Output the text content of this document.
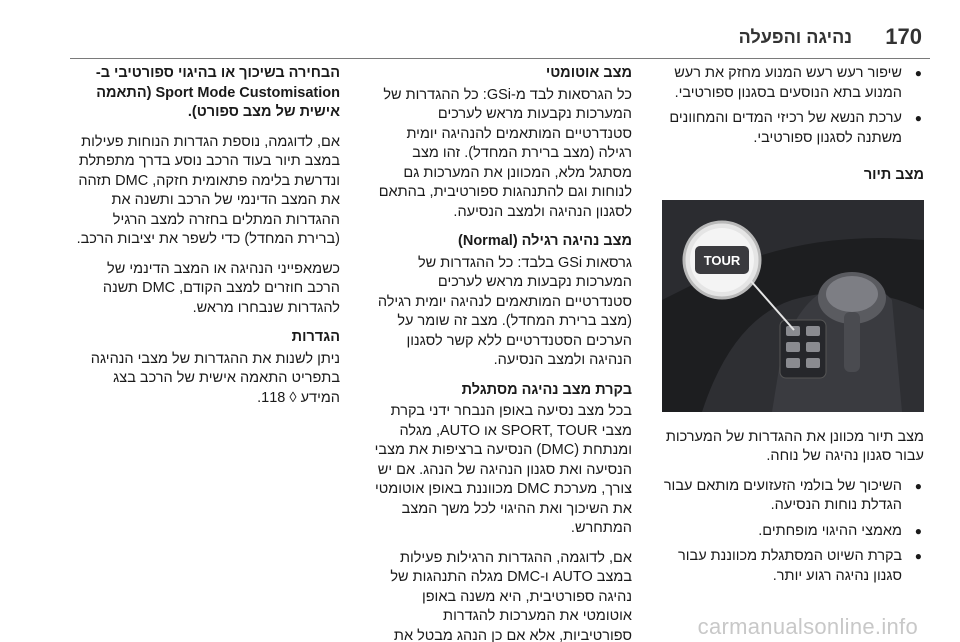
170
נהיגה והפעלה
● שיפור רעש רעש המנוע מחזק את רעש המנוע בתא הנוסעים בסגנון ספורטיבי.
● ערכת הנשא של רכיזי המדים והמחוונים משתנה לסגנון ספורטיבי.
מצב תיור
TOUR
מצב תיור מכוונן את ההגדרות של המערכות עבור סגנון נהיגה של נוחה.
● השיכוך של בולמי הזעזועים מותאם עבור הגדלת נוחות הנסיעה.
● מאמצי ההיגוי מופחתים.
● בקרת השיוט המסתגלת מכווננת עבור סגנון נהיגה רגוע יותר.
מצב אוטומטי
כל הגרסאות לבד מ-GSi: כל ההגדרות של המערכות נקבעות מראש לערכים סטנדרטיים המותאמים להנהיגה יומית רגילה (מצב ברירת המחדל). זהו מצב מסתגל מלא, המכוונן את המערכות גם לנוחות וגם להתנהגות ספורטיבית, בהתאם לסגנון הנהיגה ולמצב הנסיעה.
מצב נהיגה רגילה (Normal)
גרסאות GSi בלבד: כל ההגדרות של המערכות נקבעות מראש לערכים סטנדרטיים המותאמים לנהיגה יומית רגילה (מצב ברירת המחדל). מצב זה שומר על הערכים הסטנדרטיים ללא קשר לסגנון הנהיגה ולמצב הנסיעה.
בקרת מצב נהיגה מסתגלת
בכל מצב נסיעה באופן הנבחר ידני בקרת מצבי SPORT, TOUR או AUTO, מגלה ומנתחת (DMC) הנסיעה ברציפות את מצבי הנסיעה ואת סגנון הנהיגה של הנהג. אם יש צורך, מערכת DMC מכווננת באופן אוטומטי את השיכוך ואת ההיגוי לכל משך המצב המתחרש.
אם, לדוגמה, ההגדרות הרגילות פעילות במצב AUTO ו-DMC מגלה התנהגות של נהיגה ספורטיבית, היא משנה באופן אוטומטי את המערכות להגדרות ספורטיביות, אלא אם כן הנהג מבטל את
הבחירה בשיכוך או בהיגוי ספורטיבי ב-Sport Mode Customisation (התאמה
אישית של מצב ספורט).
אם, לדוגמה, נוספת הגדרות הנוחות פעילות במצב תיור בעוד הרכב נוסע בדרך מתפתלת ונדרשת בלימה פתאומית חזקה, DMC תזהה את המצב הדינמי של הרכב ותשנה את ההגדרות המתלים בחזרה למצב הרגיל (ברירת המחדל) כדי לשפר את יציבות הרכב.
כשמאפייני הנהיגה או המצב הדינמי של הרכב חוזרים למצב הקודם, DMC תשנה להגדרות שנבחרו מראש.
הגדרות
ניתן לשנות את ההגדרות של מצבי הנהיגה בתפריט התאמה אישית של הרכב בצג המידע ◊ 118.
carmanualsonline.info
